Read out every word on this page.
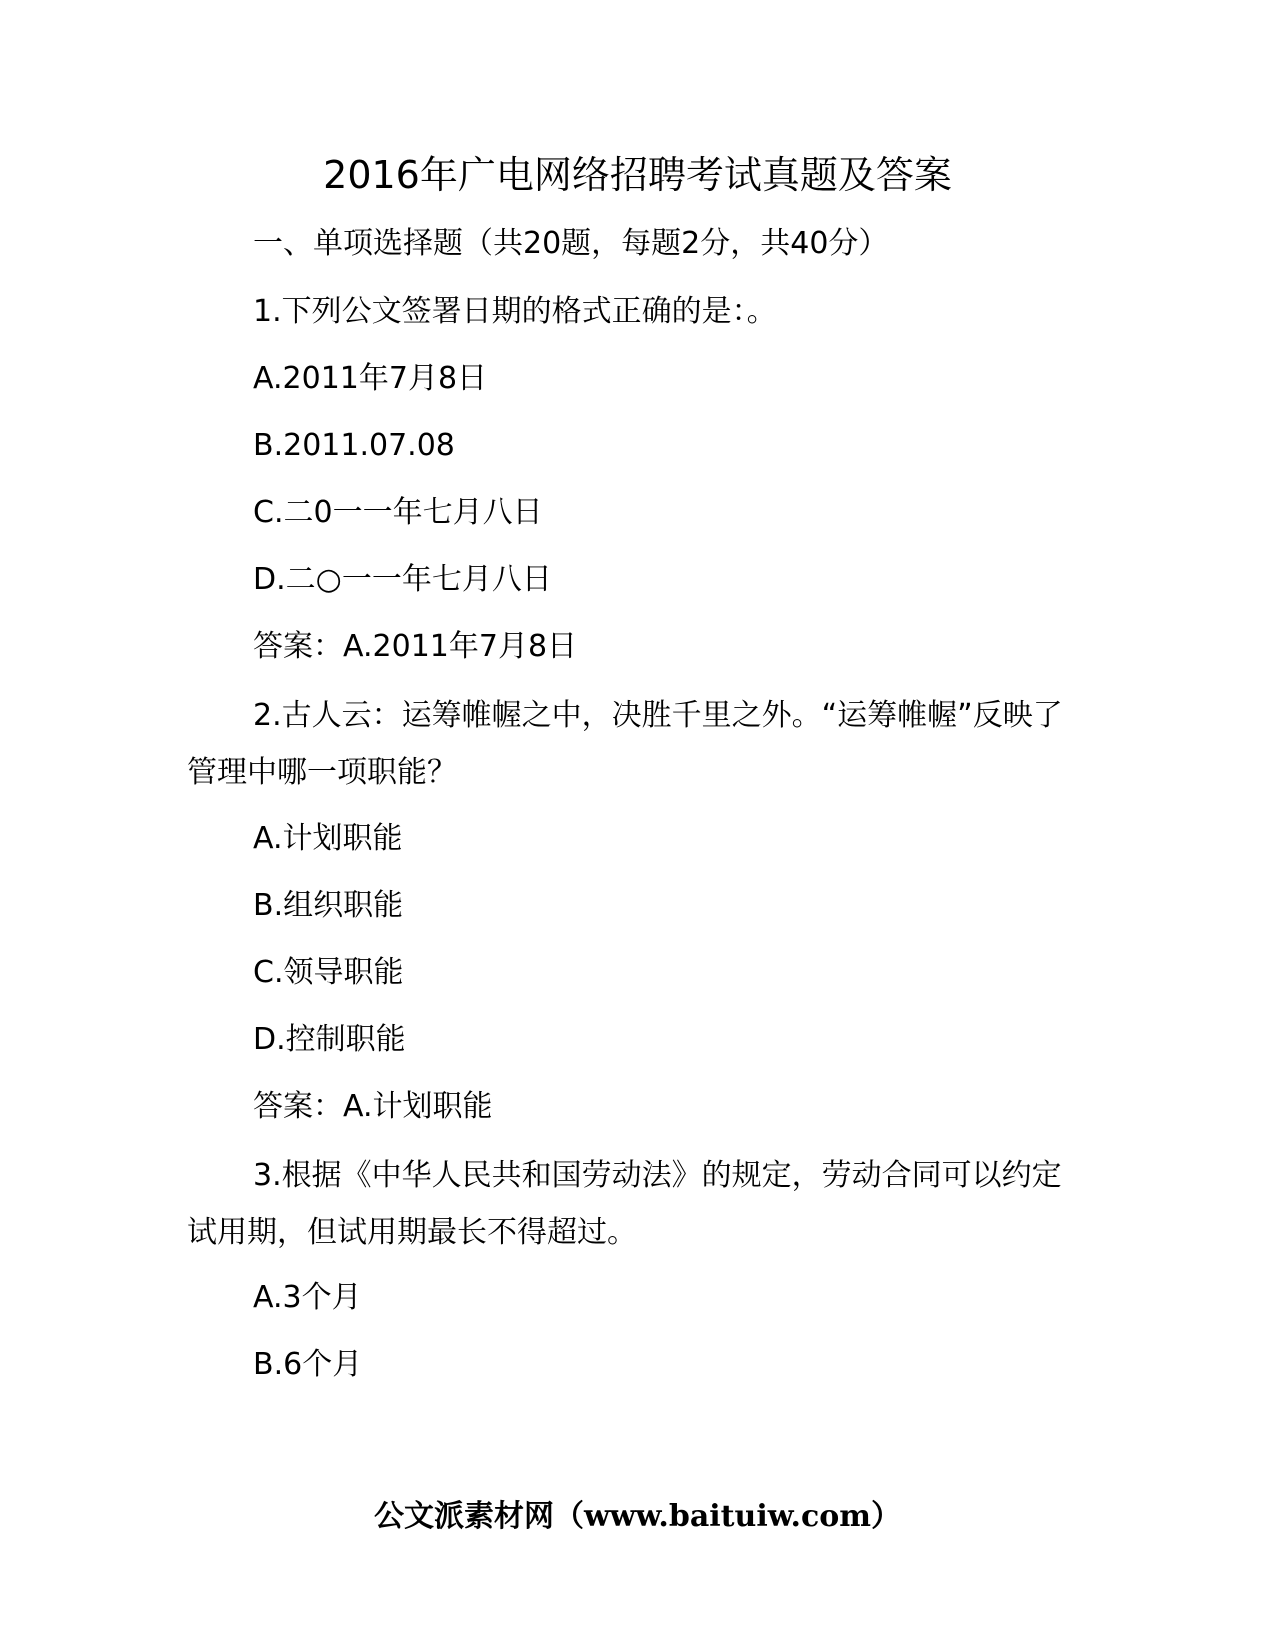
2016年广电网络招聘考试真题及答案
一、单项选择题（共20题，每题2分，共40分）
1.下列公文签署日期的格式正确的是：。
A.2011年7月8日
B.2011.07.08
C.二0一一年七月八日
D.二○一一年七月八日
答案：A.2011年7月8日
2.古人云：运筹帷幄之中，决胜千里之外。“运筹帷幄”反映了管理中哪一项职能？
A.计划职能
B.组织职能
C.领导职能
D.控制职能
答案：A.计划职能
3.根据《中华人民共和国劳动法》的规定，劳动合同可以约定试用期，但试用期最长不得超过。
A.3个月
B.6个月
公文派素材网（www.baituiw.com）
